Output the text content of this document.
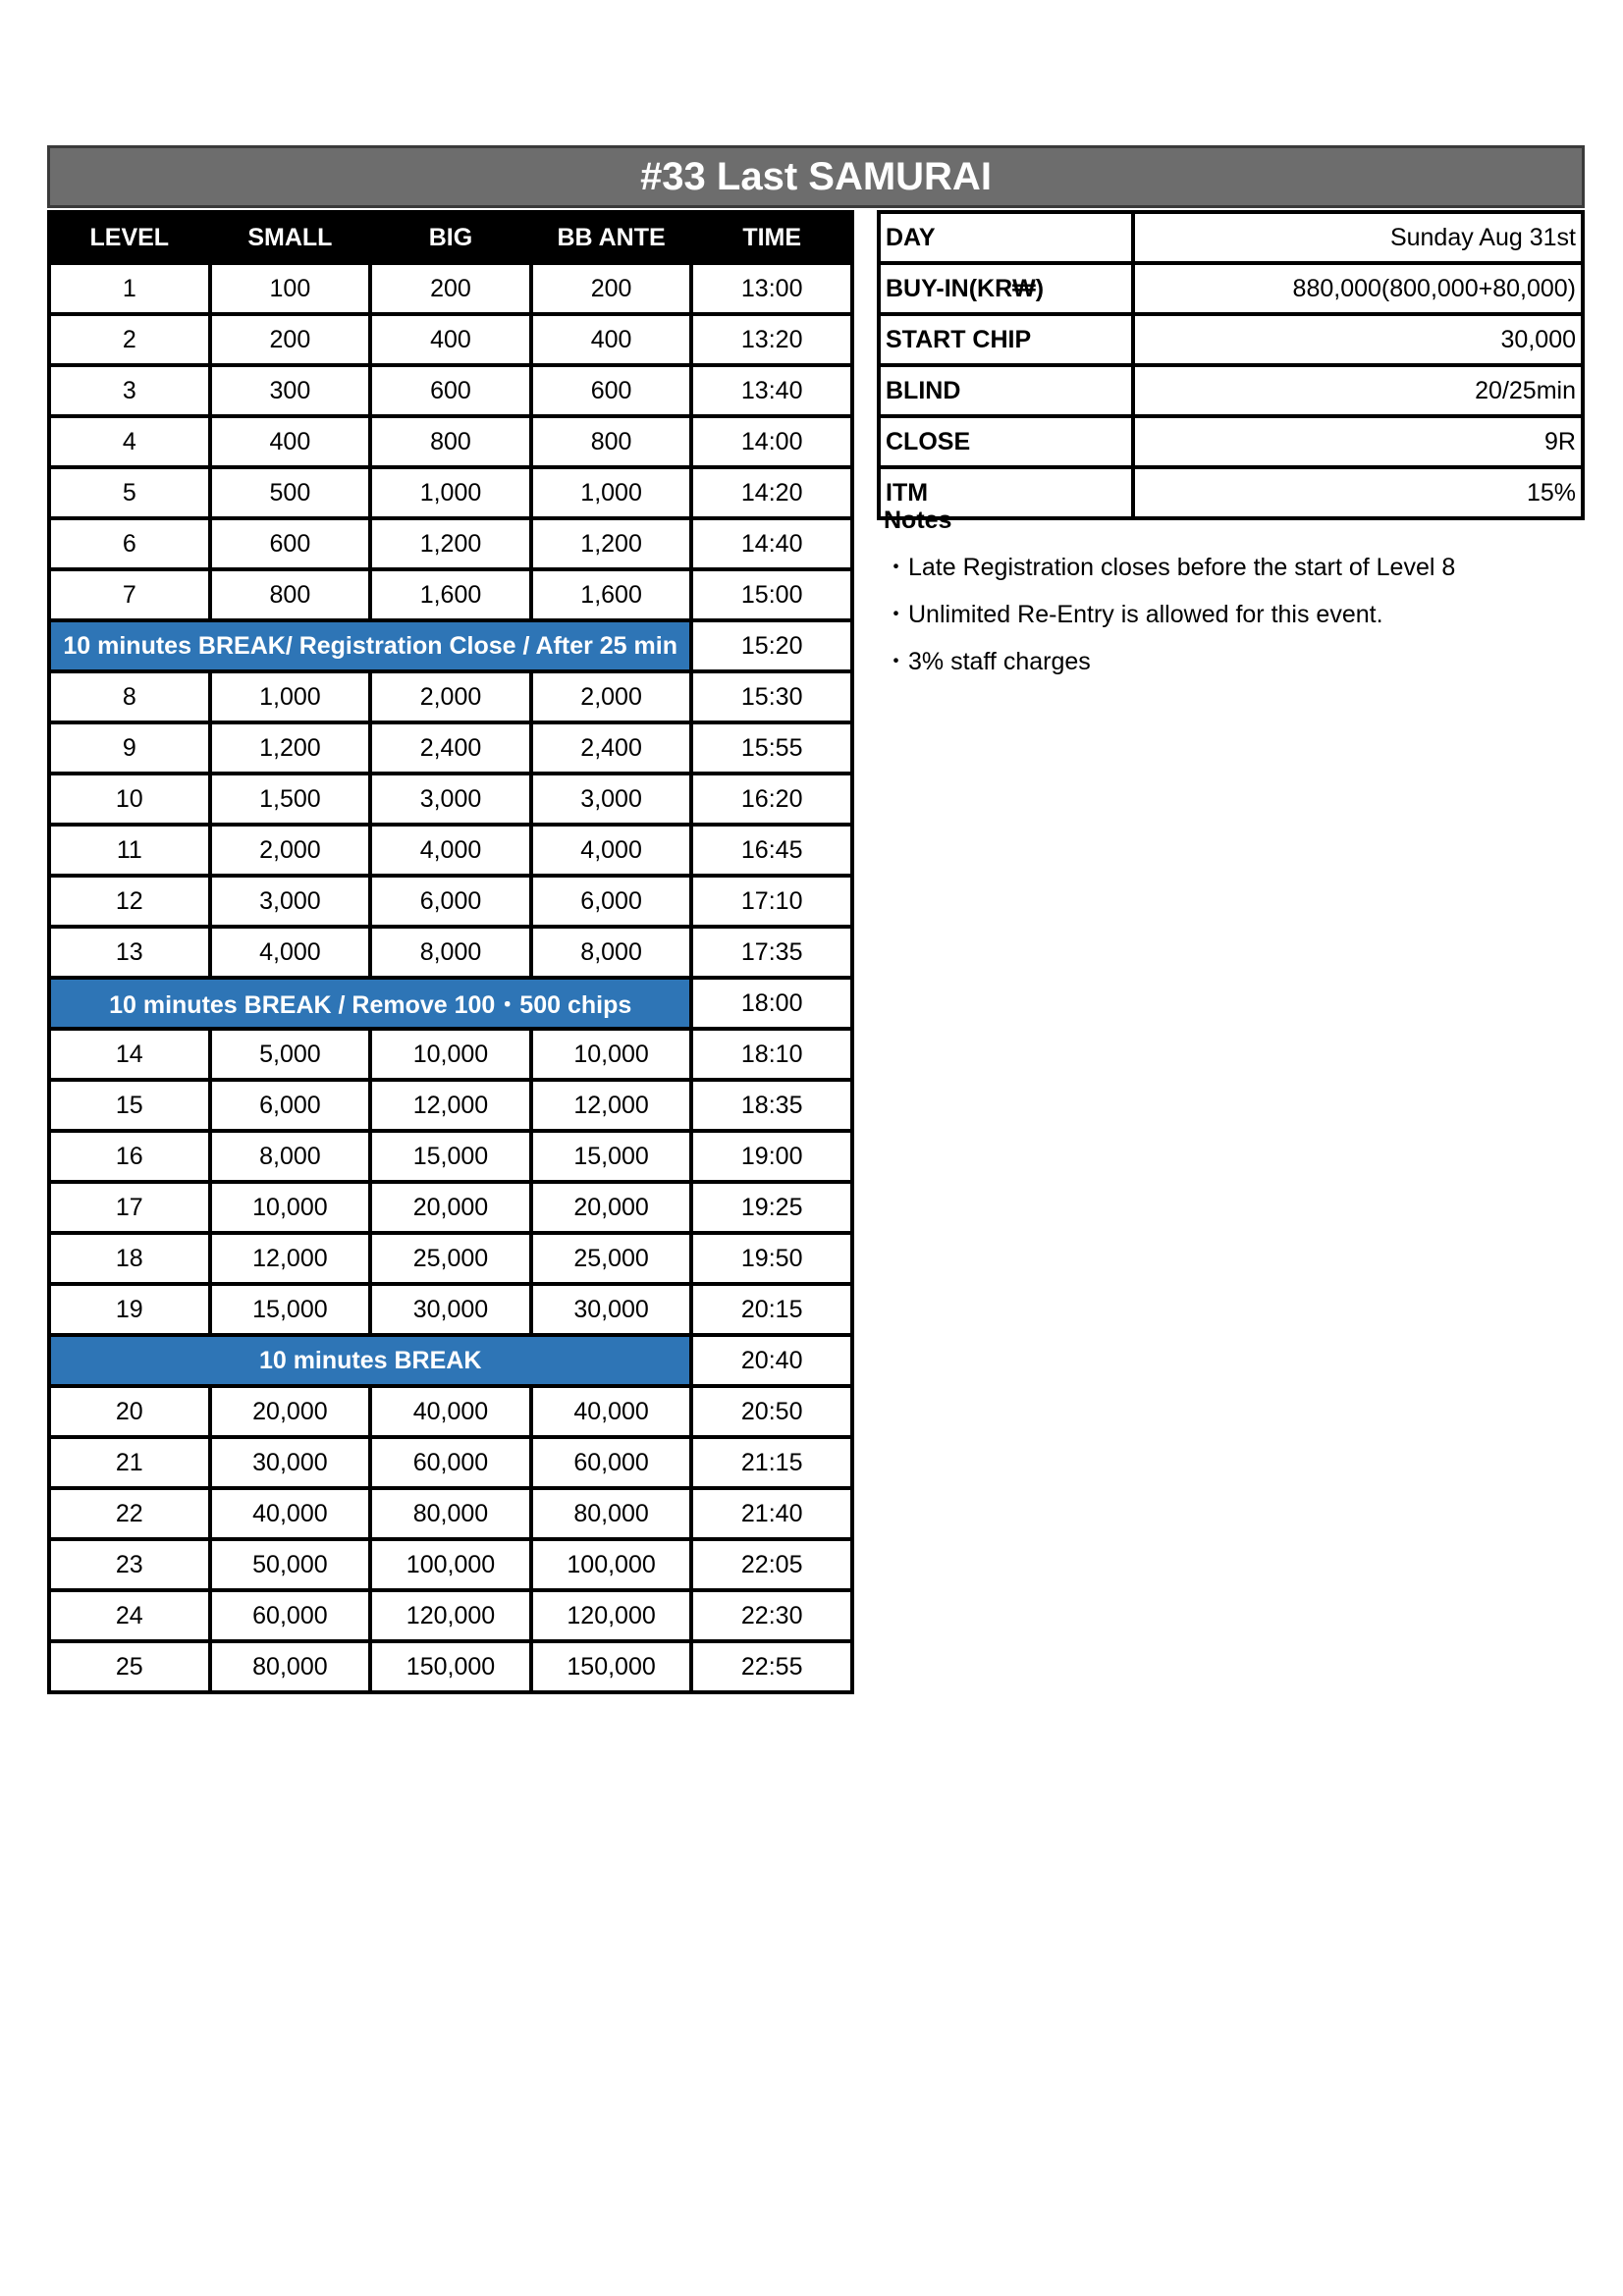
#33 Last SAMURAI
LEVEL	SMALL	BIG	BB ANTE	TIME
1	100	200	200	13:00
2	200	400	400	13:20
3	300	600	600	13:40
4	400	800	800	14:00
5	500	1,000	1,000	14:20
6	600	1,200	1,200	14:40
7	800	1,600	1,600	15:00
10 minutes BREAK/ Registration Close / After 25 min				15:20
8	1,000	2,000	2,000	15:30
9	1,200	2,400	2,400	15:55
10	1,500	3,000	3,000	16:20
11	2,000	4,000	4,000	16:45
12	3,000	6,000	6,000	17:10
13	4,000	8,000	8,000	17:35
10 minutes BREAK / Remove 100・500 chips				18:00
14	5,000	10,000	10,000	18:10
15	6,000	12,000	12,000	18:35
16	8,000	15,000	15,000	19:00
17	10,000	20,000	20,000	19:25
18	12,000	25,000	25,000	19:50
19	15,000	30,000	30,000	20:15
10 minutes BREAK				20:40
20	20,000	40,000	40,000	20:50
21	30,000	60,000	60,000	21:15
22	40,000	80,000	80,000	21:40
23	50,000	100,000	100,000	22:05
24	60,000	120,000	120,000	22:30
25	80,000	150,000	150,000	22:55
DAY	Sunday Aug 31st
BUY-IN(KR₩)	880,000(800,000+80,000)
START CHIP	30,000
BLIND	20/25min
CLOSE	9R
ITM	15%
Notes
・Late Registration closes before the start of Level 8
・Unlimited Re-Entry is allowed for this event.
・3% staff charges
